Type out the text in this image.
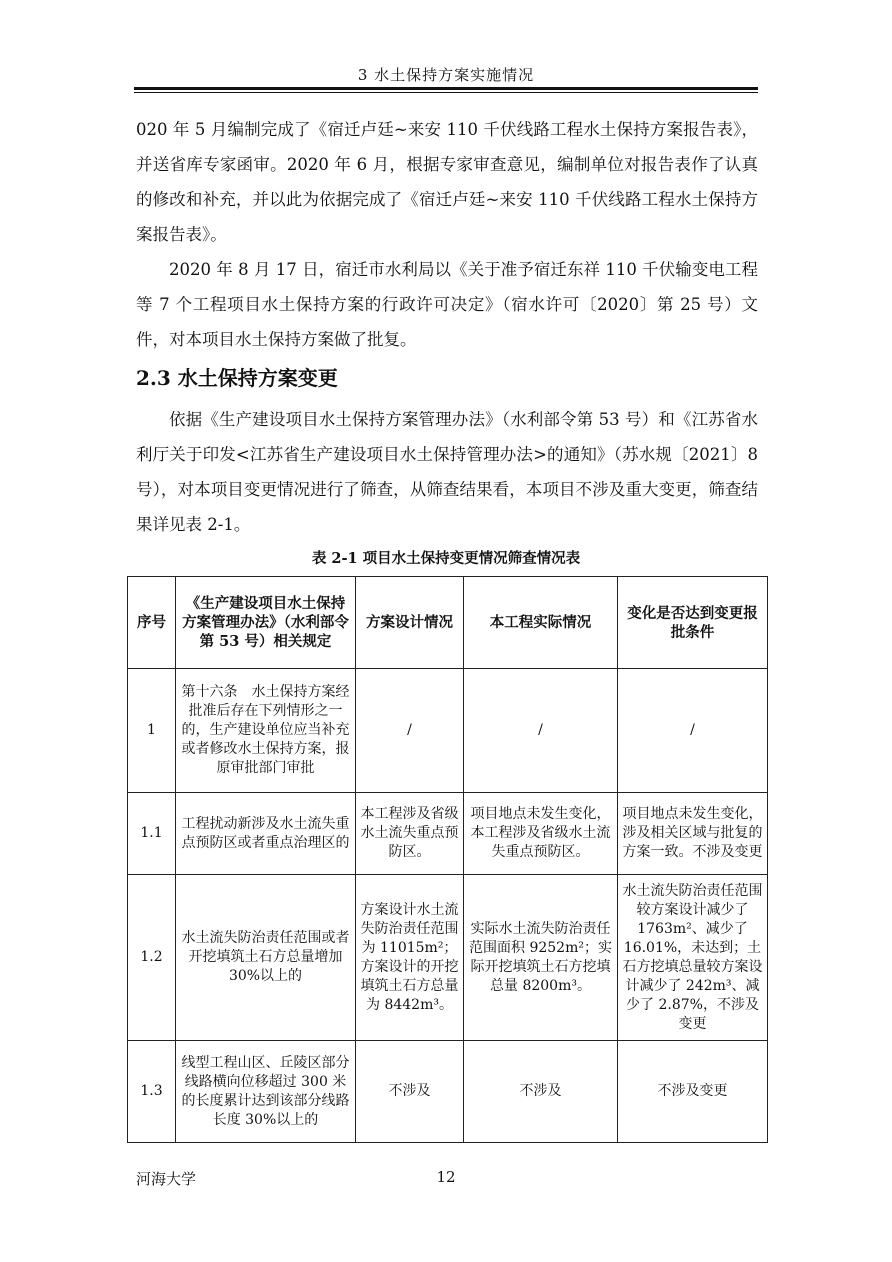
3 水土保持方案实施情况

020 年 5 月编制完成了《宿迁卢廷~来安 110 千伏线路工程水土保持方案报告表》，并送省库专家函审。2020 年 6 月，根据专家审查意见，编制单位对报告表作了认真的修改和补充，并以此为依据完成了《宿迁卢廷~来安 110 千伏线路工程水土保持方案报告表》。

2020 年 8 月 17 日，宿迁市水利局以《关于准予宿迁东祥 110 千伏输变电工程等 7 个工程项目水土保持方案的行政许可决定》（宿水许可〔2020〕第 25 号）文件，对本项目水土保持方案做了批复。

2.3 水土保持方案变更

依据《生产建设项目水土保持方案管理办法》（水利部令第 53 号）和《江苏省水利厅关于印发<江苏省生产建设项目水土保持管理办法>的通知》（苏水规〔2021〕8 号），对本项目变更情况进行了筛查，从筛查结果看，本项目不涉及重大变更，筛查结果详见表 2-1。

表 2-1 项目水土保持变更情况筛查情况表
序号	《生产建设项目水土保持方案管理办法》（水利部令第 53 号）相关规定	方案设计情况	本工程实际情况	变化是否达到变更报批条件
1	第十六条　水土保持方案经批准后存在下列情形之一的，生产建设单位应当补充或者修改水土保持方案，报原审批部门审批	/	/	/
1.1	工程扰动新涉及水土流失重点预防区或者重点治理区的	本工程涉及省级水土流失重点预防区。	项目地点未发生变化，本工程涉及省级水土流失重点预防区。	项目地点未发生变化，涉及相关区域与批复的方案一致。不涉及变更
1.2	水土流失防治责任范围或者开挖填筑土石方总量增加 30%以上的	方案设计水土流失防治责任范围为 11015m²；方案设计的开挖填筑土石方总量为 8442m³。	实际水土流失防治责任范围面积 9252m²；实际开挖填筑土石方挖填总量 8200m³。	水土流失防治责任范围较方案设计减少了 1763m²、减少了 16.01%，未达到；土石方挖填总量较方案设计减少了 242m³、减少了 2.87%，不涉及变更
1.3	线型工程山区、丘陵区部分线路横向位移超过 300 米的长度累计达到该部分线路长度 30%以上的	不涉及	不涉及	不涉及变更
河海大学	12
